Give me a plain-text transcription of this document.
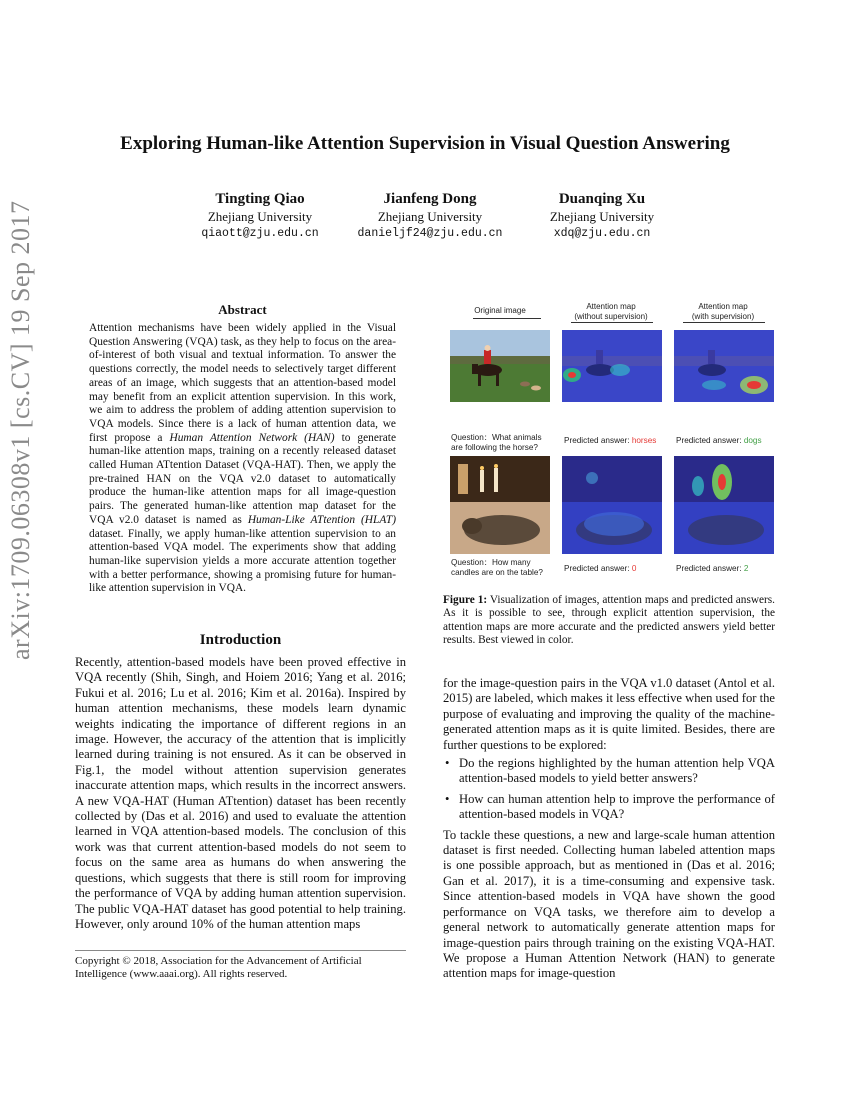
Exploring Human-like Attention Supervision in Visual Question Answering
Tingting Qiao
Zhejiang University
qiaott@zju.edu.cn
Jianfeng Dong
Zhejiang University
danieljf24@zju.edu.cn
Duanqing Xu
Zhejiang University
xdq@zju.edu.cn
arXiv:1709.06308v1 [cs.CV] 19 Sep 2017	Abstract
Attention mechanisms have been widely applied in the Visual Question Answering (VQA) task, as they help to focus on the area-of-interest of both visual and textual information. To answer the questions correctly, the model needs to selectively target different areas of an image, which suggests that an attention-based model may benefit from an explicit attention supervision. In this work, we aim to address the problem of adding attention supervision to VQA models. Since there is a lack of human attention data, we first propose a Human Attention Network (HAN) to generate human-like attention maps, training on a recently released dataset called Human ATtention Dataset (VQA-HAT). Then, we apply the pre-trained HAN on the VQA v2.0 dataset to automatically produce the human-like attention maps for all image-question pairs. The generated human-like attention map dataset for the VQA v2.0 dataset is named as Human-Like ATtention (HLAT) dataset. Finally, we apply human-like attention supervision to an attention-based VQA model. The experiments show that adding human-like supervision yields a more accurate attention together with a better performance, showing a promising future for human-like attention supervision in VQA.
Introduction
Recently, attention-based models have been proved effective in VQA recently (Shih, Singh, and Hoiem 2016; Yang et al. 2016; Fukui et al. 2016; Lu et al. 2016; Kim et al. 2016a). Inspired by human attention mechanisms, these models learn dynamic weights indicating the importance of different regions in an image. However, the accuracy of the attention that is implicitly learned during training is not ensured. As it can be observed in Fig.1, the model without attention supervision generates inaccurate attention maps, which results in the incorrect answers. A new VQA-HAT (Human ATtention) dataset has been recently collected by (Das et al. 2016) and used to evaluate the attention learned in VQA attention-based models. The conclusion of this work was that current attention-based models do not seem to focus on the same area as humans do when answering the questions, which suggests that there is still room for improving the performance of VQA by adding human attention supervision. The public VQA-HAT dataset has good potential to help training. However, only around 10% of the human attention maps
Copyright © 2018, Association for the Advancement of Artificial Intelligence (www.aaai.org). All rights reserved.
Original image	Attention map
(without supervision)
Attention map
(with supervision)
Question：What animals
are following the horse?
Predicted answer: horses	Predicted answer: dogs
Question：How many
candles are on the table?	Predicted answer: 0	Predicted answer: 2
Figure 1: Visualization of images, attention maps and predicted answers. As it is possible to see, through explicit attention supervision, the attention maps are more accurate and the predicted answers yield better results. Best viewed in color.
for the image-question pairs in the VQA v1.0 dataset (Antol et al. 2015) are labeled, which makes it less effective when used for the purpose of evaluating and improving the quality of the machine-generated attention maps as it is quite limited. Besides, there are further questions to be explored:
• Do the regions highlighted by the human attention help VQA attention-based models to yield better answers?
• How can human attention help to improve the performance of attention-based models in VQA?
To tackle these questions, a new and large-scale human attention dataset is first needed. Collecting human labeled attention maps is one possible approach, but as mentioned in (Das et al. 2016; Gan et al. 2017), it is a time-consuming and expensive task. Since attention-based models in VQA have shown the good performance on VQA tasks, we therefore aim to develop a general network to automatically generate attention maps for image-question pairs through training on the existing VQA-HAT. We propose a Human Attention Network (HAN) to generate attention maps for image-question
